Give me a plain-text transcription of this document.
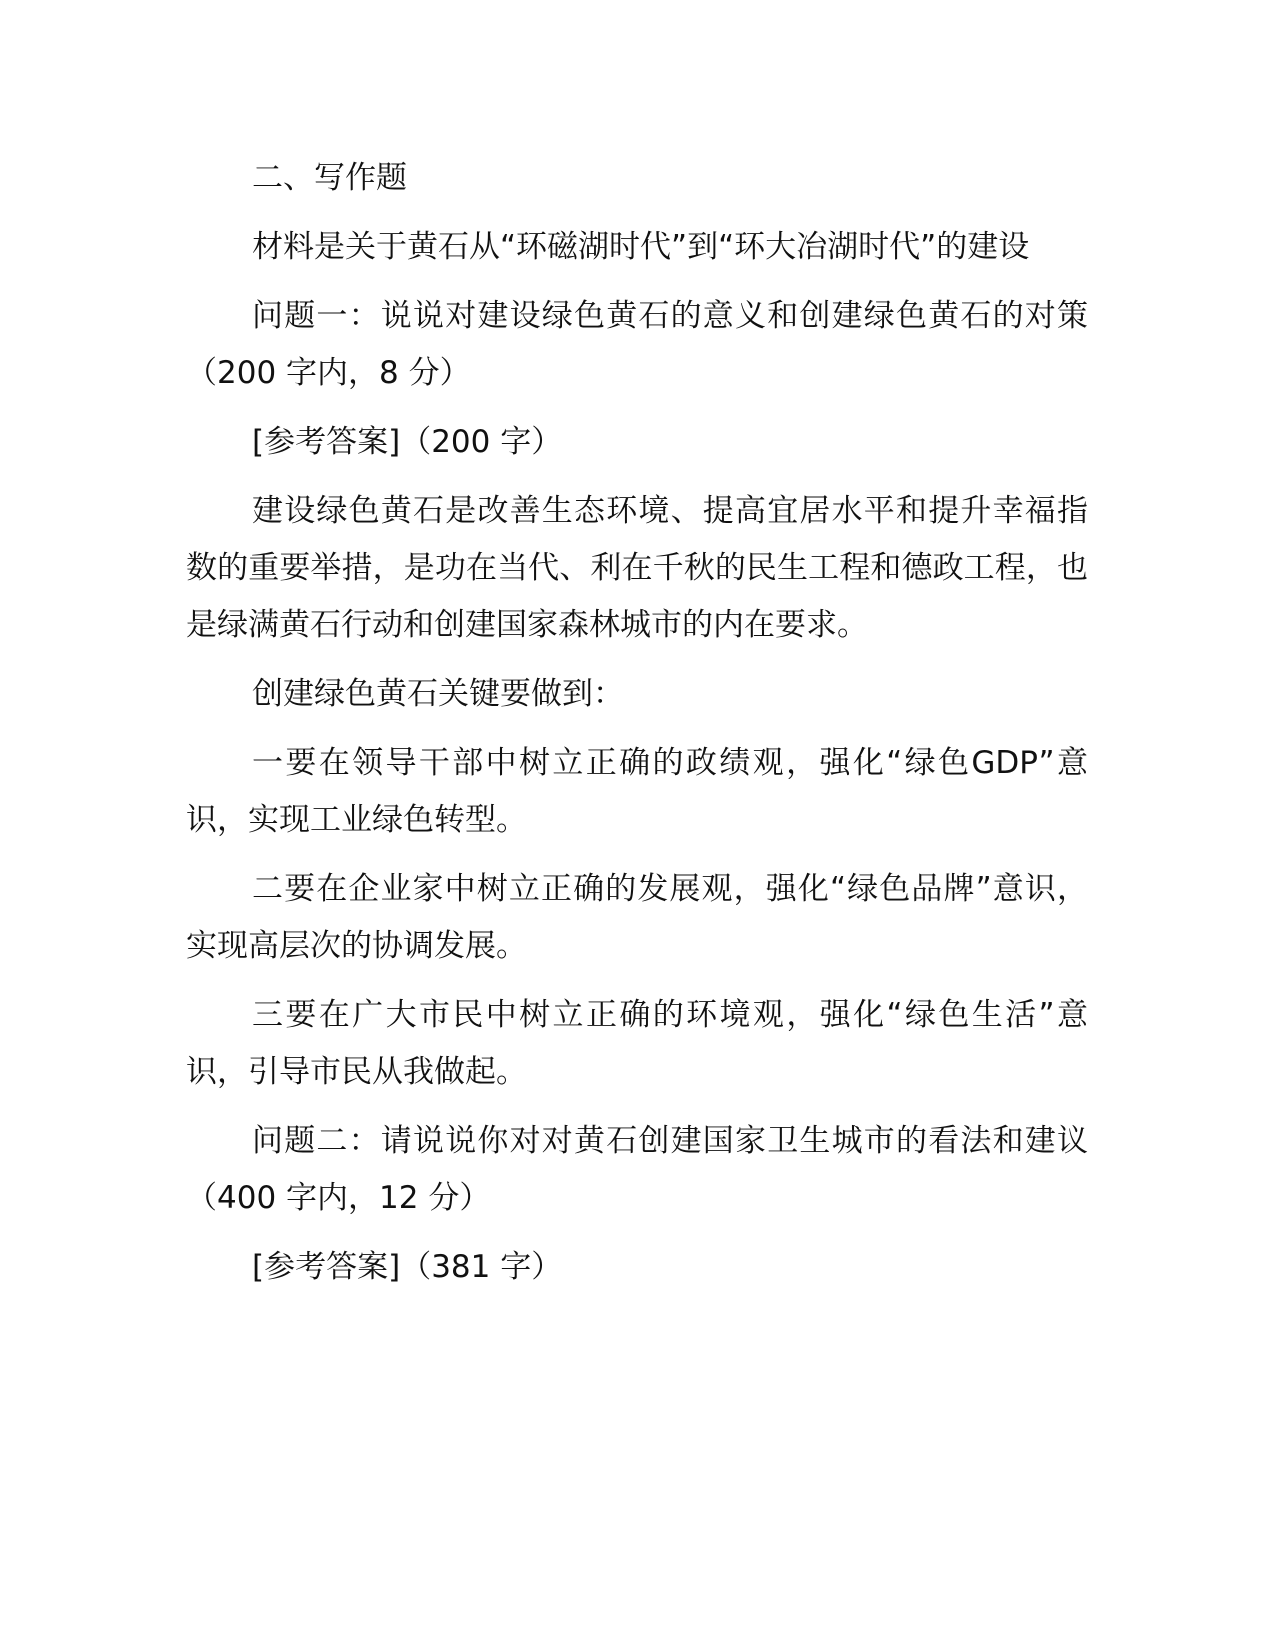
二、写作题

材料是关于黄石从“环磁湖时代”到“环大冶湖时代”的建设

问题一：说说对建设绿色黄石的意义和创建绿色黄石的对策（200 字内，8 分）

[参考答案]（200 字）

建设绿色黄石是改善生态环境、提高宜居水平和提升幸福指数的重要举措，是功在当代、利在千秋的民生工程和德政工程，也是绿满黄石行动和创建国家森林城市的内在要求。

创建绿色黄石关键要做到：

一要在领导干部中树立正确的政绩观，强化“绿色GDP”意识，实现工业绿色转型。

二要在企业家中树立正确的发展观，强化“绿色品牌”意识，实现高层次的协调发展。

三要在广大市民中树立正确的环境观，强化“绿色生活”意识，引导市民从我做起。

问题二：请说说你对对黄石创建国家卫生城市的看法和建议（400 字内，12 分）

[参考答案]（381 字）
